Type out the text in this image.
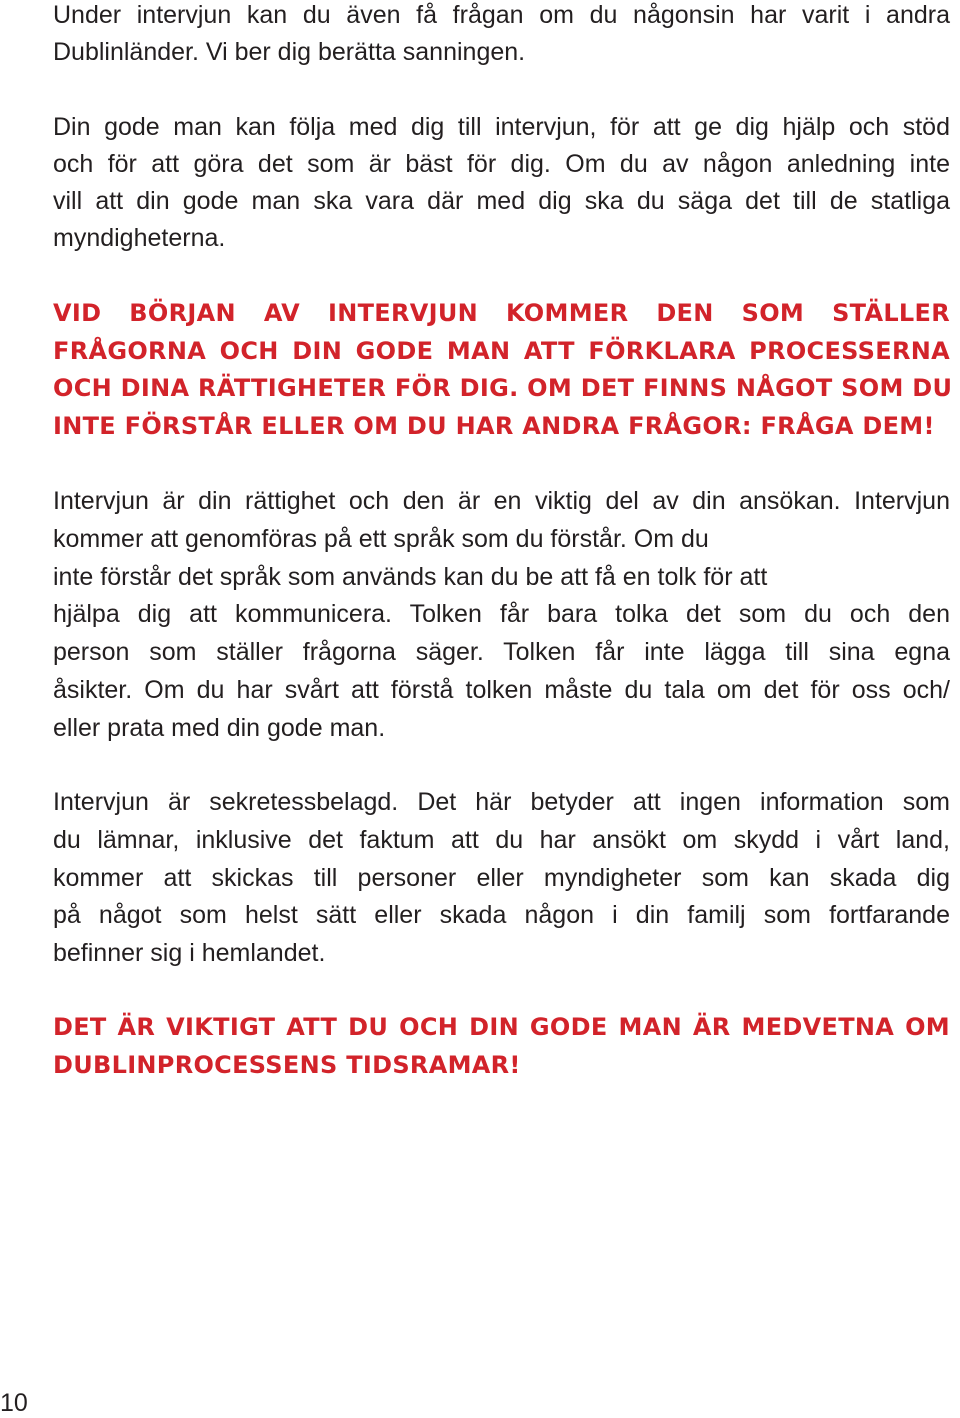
Under intervjun kan du även få frågan om du någonsin har varit i andra
Dublinländer. Vi ber dig berätta sanningen.
Din gode man kan följa med dig till intervjun, för att ge dig hjälp och stöd
och för att göra det som är bäst för dig. Om du av någon anledning inte
vill att din gode man ska vara där med dig ska du säga det till de statliga
myndigheterna.
VID BÖRJAN AV INTERVJUN KOMMER DEN SOM STÄLLER
FRÅGORNA OCH DIN GODE MAN ATT FÖRKLARA PROCESSERNA
OCH DINA RÄTTIGHETER FÖR DIG. OM DET FINNS NÅGOT SOM DU
INTE FÖRSTÅR ELLER OM DU HAR ANDRA FRÅGOR: FRÅGA DEM!
Intervjun är din rättighet och den är en viktig del av din ansökan. Intervjun
kommer att genomföras på ett språk som du förstår. Om du
inte förstår det språk som används kan du be att få en tolk för att
hjälpa dig att kommunicera. Tolken får bara tolka det som du och den
person som ställer frågorna säger. Tolken får inte lägga till sina egna
åsikter. Om du har svårt att förstå tolken måste du tala om det för oss och/
eller prata med din gode man.
Intervjun är sekretessbelagd. Det här betyder att ingen information som
du lämnar, inklusive det faktum att du har ansökt om skydd i vårt land,
kommer att skickas till personer eller myndigheter som kan skada dig
på något som helst sätt eller skada någon i din familj som fortfarande
befinner sig i hemlandet.
DET ÄR VIKTIGT ATT DU OCH DIN GODE MAN ÄR MEDVETNA OM
DUBLINPROCESSENS TIDSRAMAR!
10
